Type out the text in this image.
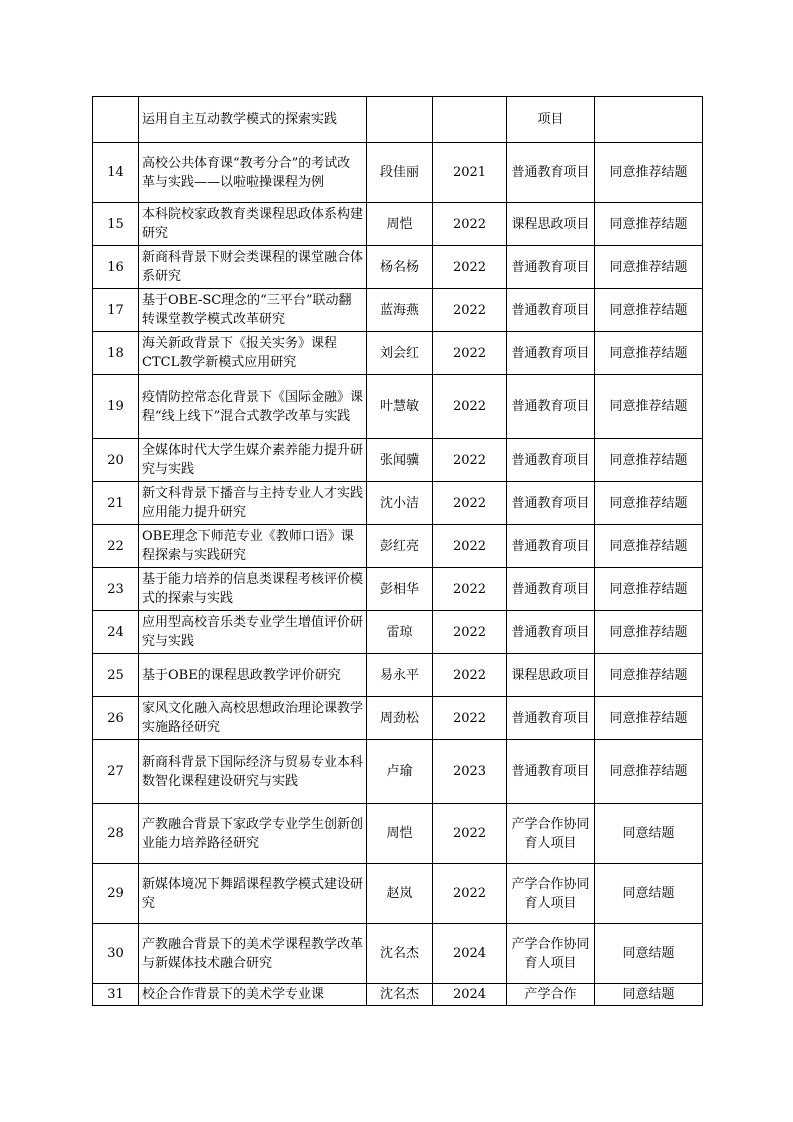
	运用自主互动教学模式的探索实践			项目	
14	高校公共体育课“教考分合”的考试改革与实践——以啦啦操课程为例	段佳丽	2021	普通教育项目	同意推荐结题
15	本科院校家政教育类课程思政体系构建研究	周恺	2022	课程思政项目	同意推荐结题
16	新商科背景下财会类课程的课堂融合体系研究	杨名杨	2022	普通教育项目	同意推荐结题
17	基于OBE-SC理念的“三平台”联动翻转课堂教学模式改革研究	蓝海燕	2022	普通教育项目	同意推荐结题
18	海关新政背景下《报关实务》课程CTCL教学新模式应用研究	刘会红	2022	普通教育项目	同意推荐结题
19	疫情防控常态化背景下《国际金融》课程“线上线下”混合式教学改革与实践	叶慧敏	2022	普通教育项目	同意推荐结题
20	全媒体时代大学生媒介素养能力提升研究与实践	张闻骥	2022	普通教育项目	同意推荐结题
21	新文科背景下播音与主持专业人才实践应用能力提升研究	沈小洁	2022	普通教育项目	同意推荐结题
22	OBE理念下师范专业《教师口语》课程探索与实践研究	彭红亮	2022	普通教育项目	同意推荐结题
23	基于能力培养的信息类课程考核评价模式的探索与实践	彭相华	2022	普通教育项目	同意推荐结题
24	应用型高校音乐类专业学生增值评价研究与实践	雷琼	2022	普通教育项目	同意推荐结题
25	基于OBE的课程思政教学评价研究	易永平	2022	课程思政项目	同意推荐结题
26	家风文化融入高校思想政治理论课教学实施路径研究	周劲松	2022	普通教育项目	同意推荐结题
27	新商科背景下国际经济与贸易专业本科数智化课程建设研究与实践	卢瑜	2023	普通教育项目	同意推荐结题
28	产教融合背景下家政学专业学生创新创业能力培养路径研究	周恺	2022	产学合作协同育人项目	同意结题
29	新媒体境况下舞蹈课程教学模式建设研究	赵岚	2022	产学合作协同育人项目	同意结题
30	产教融合背景下的美术学课程教学改革与新媒体技术融合研究	沈名杰	2024	产学合作协同育人项目	同意结题
31	校企合作背景下的美术学专业课	沈名杰	2024	产学合作	同意结题
